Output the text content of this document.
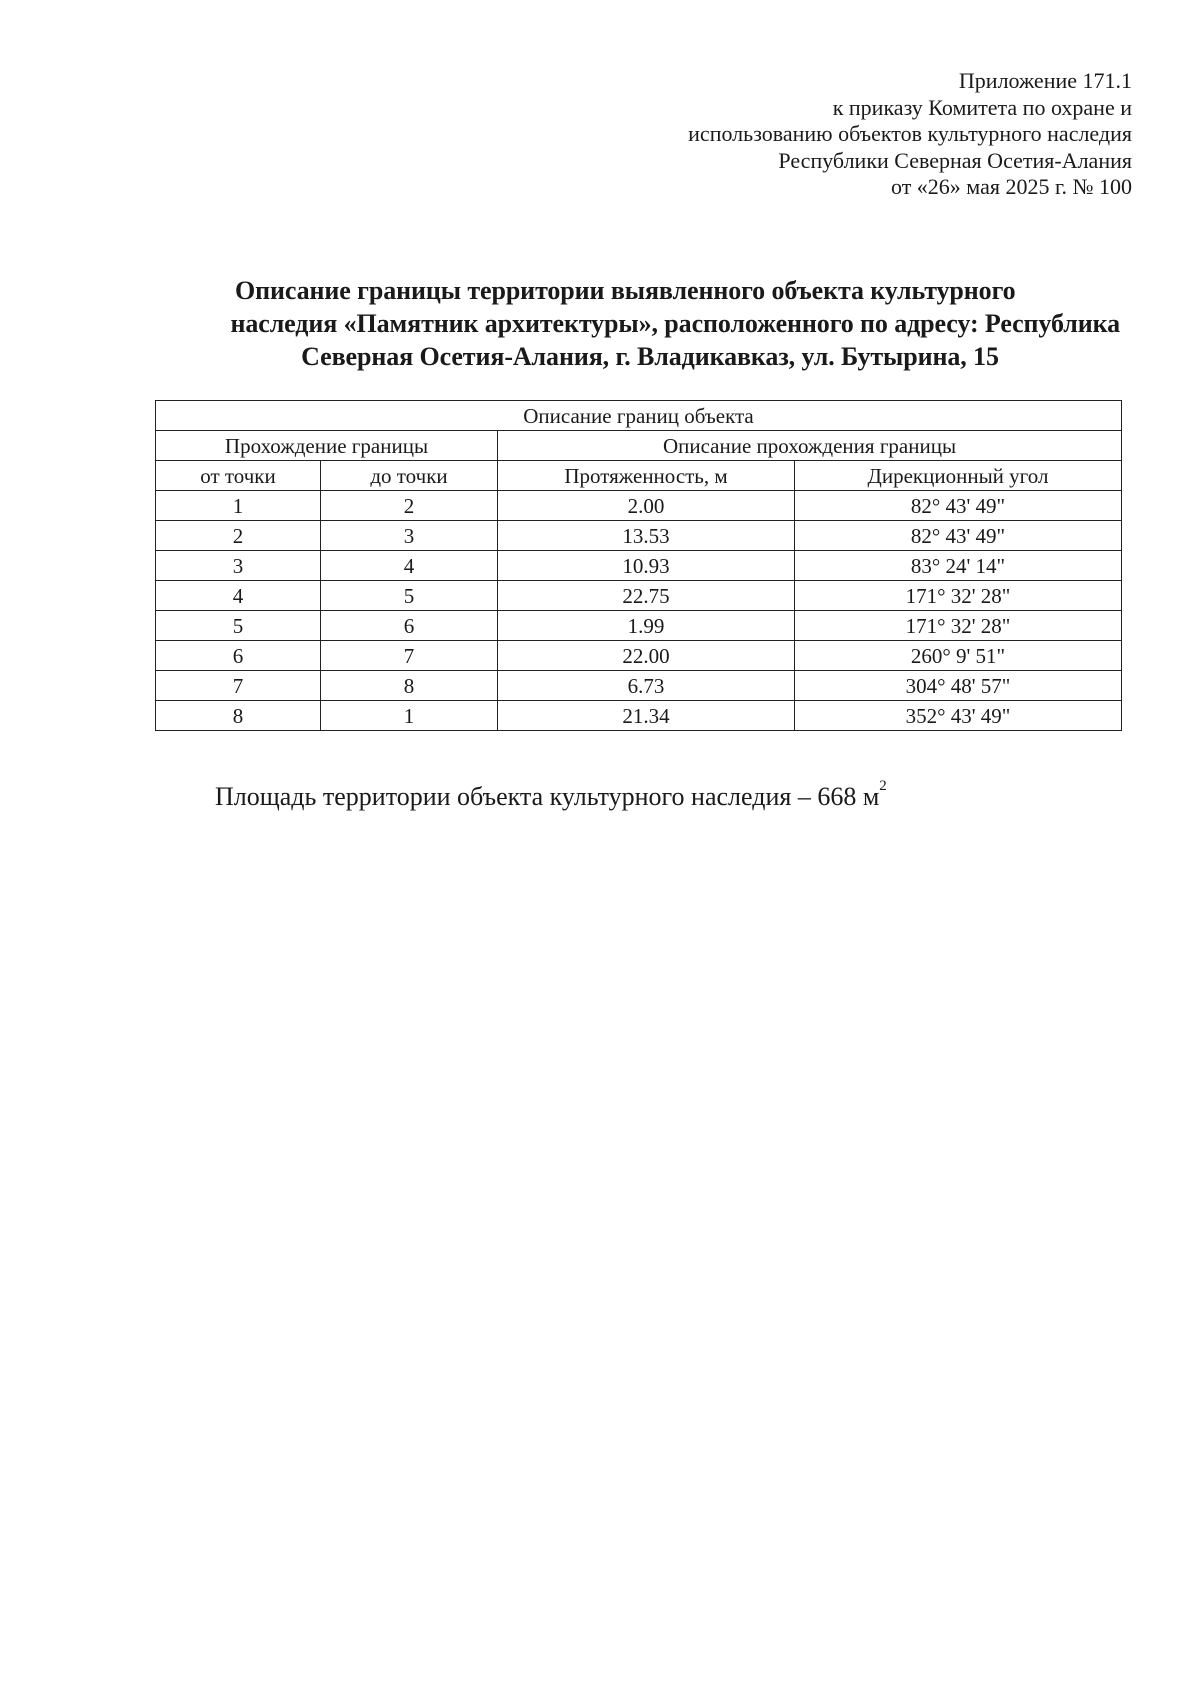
Приложение 171.1
к приказу Комитета по охране и
использованию объектов культурного наследия
Республики Северная Осетия-Алания
от «26» мая 2025 г. № 100
Описание границы территории выявленного объекта культурного
наследия «Памятник архитектуры», расположенного по адресу: Республика
Северная Осетия-Алания, г. Владикавказ, ул. Бутырина, 15
Описание границ объекта			
Прохождение границы		Описание прохождения границы	
от точки	до точки	Протяженность, м	Дирекционный угол
1	2	2.00	82° 43' 49"
2	3	13.53	82° 43' 49"
3	4	10.93	83° 24' 14"
4	5	22.75	171° 32' 28"
5	6	1.99	171° 32' 28"
6	7	22.00	260° 9' 51"
7	8	6.73	304° 48' 57"
8	1	21.34	352° 43' 49"
Площадь территории объекта культурного наследия – 668 $м^2$
